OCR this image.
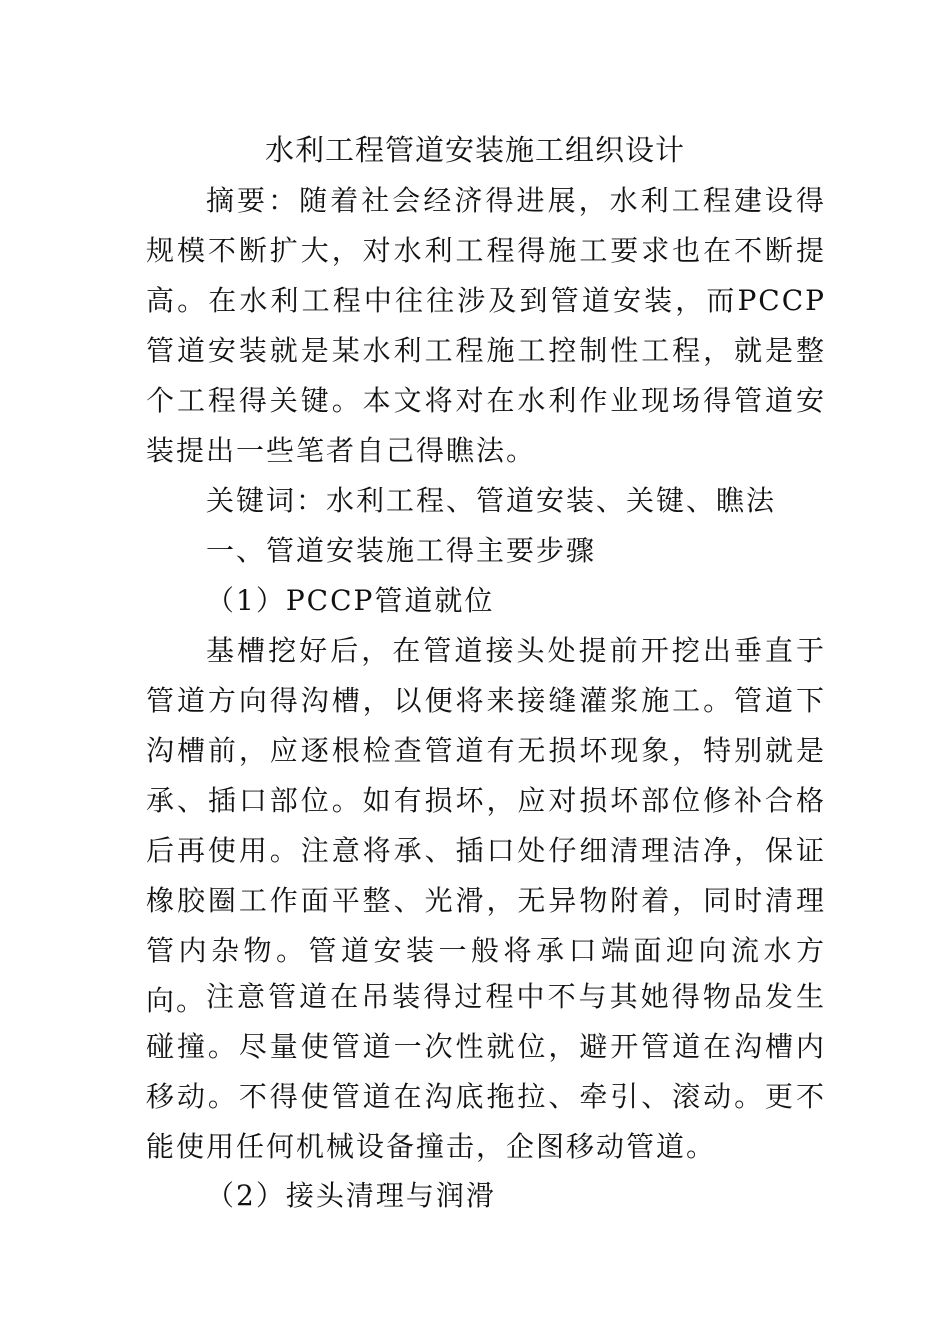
水利工程管道安装施工组织设计

摘要：随着社会经济得进展，水利工程建设得规模不断扩大，对水利工程得施工要求也在不断提高。在水利工程中往往涉及到管道安装，而PCCP管道安装就是某水利工程施工控制性工程，就是整个工程得关键。本文将对在水利作业现场得管道安装提出一些笔者自己得瞧法。

关键词：水利工程、管道安装、关键、瞧法

一、管道安装施工得主要步骤

（1）PCCP管道就位

基槽挖好后，在管道接头处提前开挖出垂直于管道方向得沟槽，以便将来接缝灌浆施工。管道下沟槽前，应逐根检查管道有无损坏现象，特别就是承、插口部位。如有损坏，应对损坏部位修补合格后再使用。注意将承、插口处仔细清理洁净，保证橡胶圈工作面平整、光滑，无异物附着，同时清理管内杂物。管道安装一般将承口端面迎向流水方向。 注意管道在吊装得过程中不与其她得物品发生碰撞。尽量使管道一次性就位，避开管道在沟槽内移动。不得使管道在沟底拖拉、牵引、滚动。更不能使用任何机械设备撞击，企图移动管道。

（2）接头清理与润滑
